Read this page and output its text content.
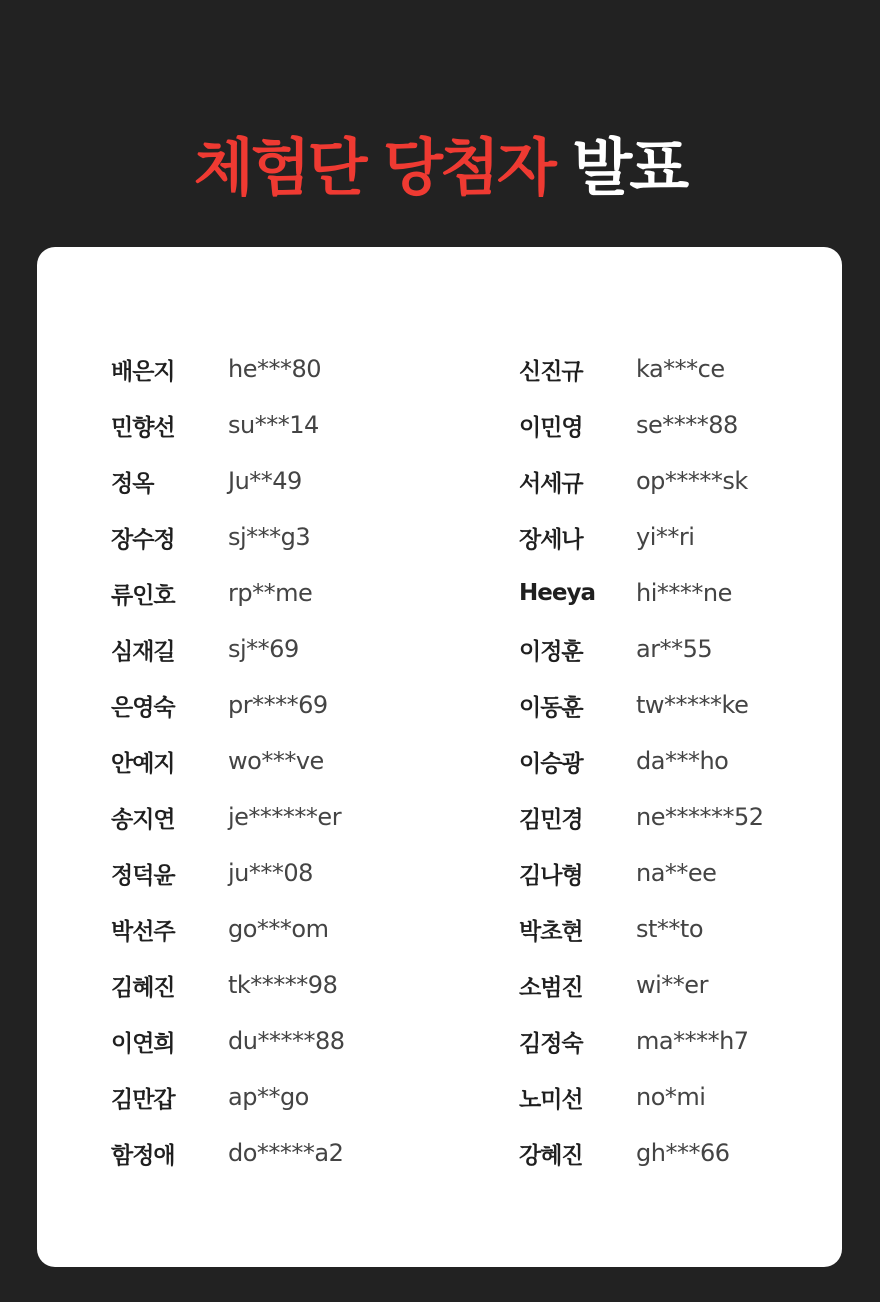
체험단 당첨자 발표
배은지	he***80
민향선	su***14
정옥	Ju**49
장수정	sj***g3
류인호	rp**me
심재길	sj**69
은영숙	pr****69
안예지	wo***ve
송지연	je******er
정덕윤	ju***08
박선주	go***om
김혜진	tk*****98
이연희	du*****88
김만갑	ap**go
함정애	do*****a2
신진규	ka***ce
이민영	se****88
서세규	op*****sk
장세나	yi**ri
Heeya	hi****ne
이정훈	ar**55
이동훈	tw*****ke
이승광	da***ho
김민경	ne******52
김나형	na**ee
박초현	st**to
소범진	wi**er
김정숙	ma****h7
노미선	no*mi
강혜진	gh***66
